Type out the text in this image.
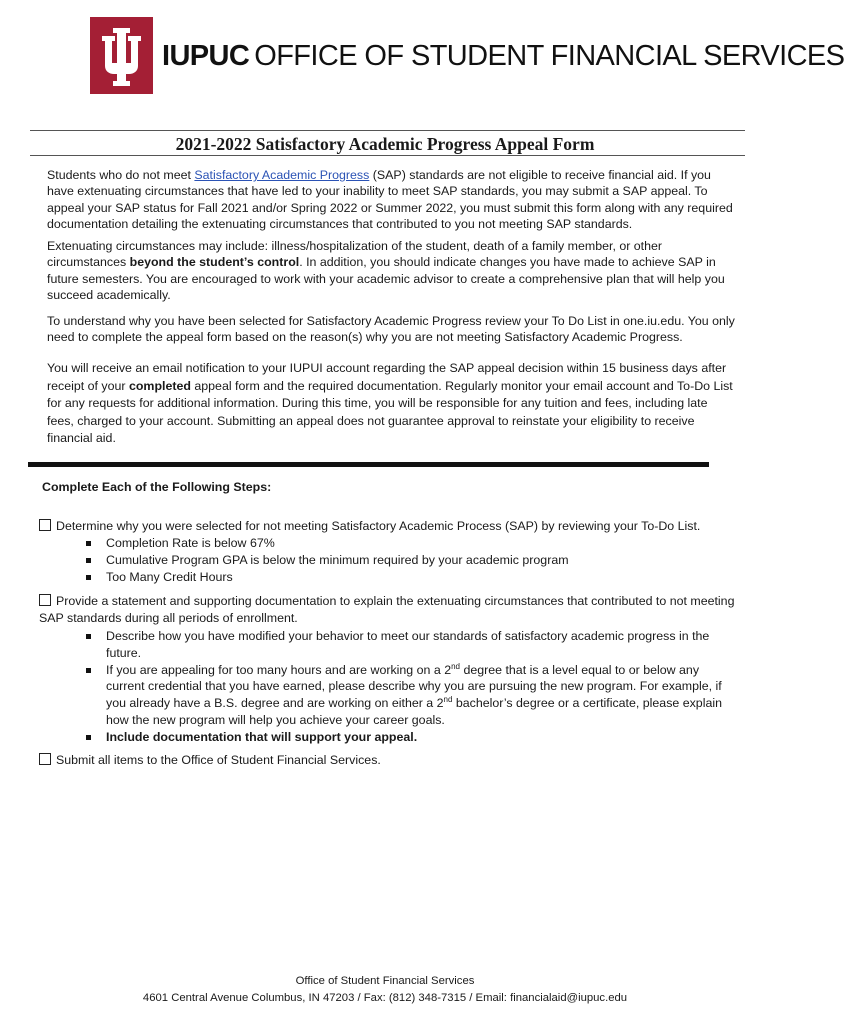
IUPUC OFFICE OF STUDENT FINANCIAL SERVICES
2021-2022 Satisfactory Academic Progress Appeal Form

Students who do not meet Satisfactory Academic Progress (SAP) standards are not eligible to receive financial aid. If you have extenuating circumstances that have led to your inability to meet SAP standards, you may submit a SAP appeal. To appeal your SAP status for Fall 2021 and/or Spring 2022 or Summer 2022, you must submit this form along with any required documentation detailing the extenuating circumstances that contributed to you not meeting SAP standards.

Extenuating circumstances may include: illness/hospitalization of the student, death of a family member, or other circumstances beyond the student’s control. In addition, you should indicate changes you have made to achieve SAP in future semesters. You are encouraged to work with your academic advisor to create a comprehensive plan that will help you succeed academically.

To understand why you have been selected for Satisfactory Academic Progress review your To Do List in one.iu.edu. You only need to complete the appeal form based on the reason(s) why you are not meeting Satisfactory Academic Progress.

You will receive an email notification to your IUPUI account regarding the SAP appeal decision within 15 business days after receipt of your completed appeal form and the required documentation. Regularly monitor your email account and To-Do List for any requests for additional information. During this time, you will be responsible for any tuition and fees, including late fees, charged to your account. Submitting an appeal does not guarantee approval to reinstate your eligibility to receive financial aid.

Complete Each of the Following Steps:
Determine why you were selected for not meeting Satisfactory Academic Process (SAP) by reviewing your To-Do List.
Completion Rate is below 67%
Cumulative Program GPA is below the minimum required by your academic program
Too Many Credit Hours
Provide a statement and supporting documentation to explain the extenuating circumstances that contributed to not meeting SAP standards during all periods of enrollment.
Describe how you have modified your behavior to meet our standards of satisfactory academic progress in the future.
If you are appealing for too many hours and are working on a 2nd degree that is a level equal to or below any current credential that you have earned, please describe why you are pursuing the new program. For example, if you already have a B.S. degree and are working on either a 2nd bachelor’s degree or a certificate, please explain how the new program will help you achieve your career goals.
Include documentation that will support your appeal.
Submit all items to the Office of Student Financial Services.
Office of Student Financial Services
4601 Central Avenue Columbus, IN 47203 / Fax: (812) 348-7315 / Email: financialaid@iupuc.edu
